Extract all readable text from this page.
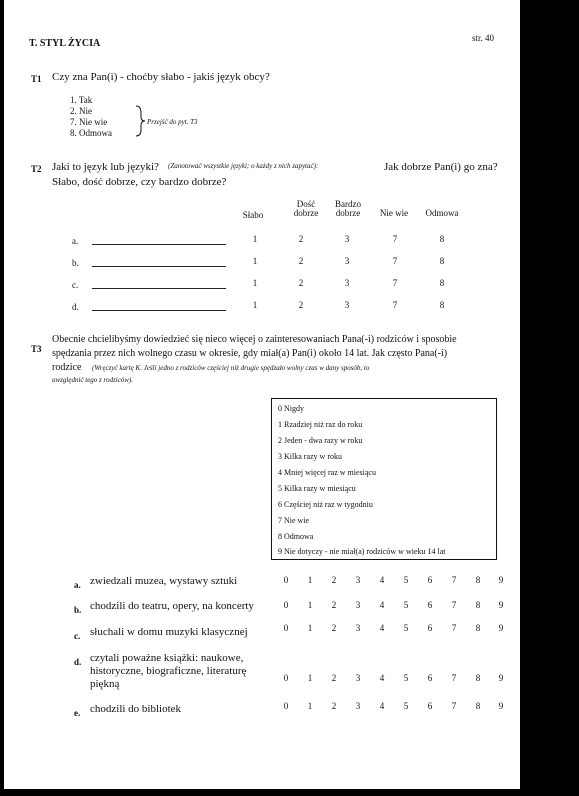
T. STYL ŻYCIA	str. 40
T1 Czy zna Pan(i) - choćby słabo - jakiś język obcy?
1. Tak
2. Nie
7. Nie wie
8. Odmowa
Przejść do pyt. T3
T2 Jaki to język lub języki? (Zanotować wszystkie języki; o każdy z nich zapytać):	Jak dobrze Pan(i) go zna?
Słabo, dość dobrze, czy bardzo dobrze?
Słabo
Dość dobrze
Bardzo dobrze	Nie wie	Odmowa
a.	1	2	3	7	8
b.	1	2	3	7	8
c.	1	2	3	7	8
d.	1	2	3	7	8
T3
Obecnie chcielibyśmy dowiedzieć się nieco więcej o zainteresowaniach Pana(-i) rodziców i sposobie
spędzania przez nich wolnego czasu w okresie, gdy miał(a) Pan(i) około 14 lat. Jak często Pana(-i)
rodzice (Wręczyć kartę K. Jeśli jedno z rodziców częściej niż drugie spędzało wolny czas w dany sposób, to
uwzględnić tego z rodziców).
0 Nigdy
1 Rzadziej niż raz do roku
2 Jeden - dwa razy w roku
3 Kilka razy w roku
4 Mniej więcej raz w miesiącu
5 Kilka razy w miesiącu
6 Częściej niż raz w tygodniu
7 Nie wie
8 Odmowa
9 Nie dotyczy - nie miał(a) rodziców w wieku 14 lat
a. zwiedzali muzea, wystawy sztuki	0	1	2	3	4	5	6	7	8	9
b. chodzili do teatru, opery, na koncerty	0	1	2	3	4	5	6	7	8	9
c. słuchali w domu muzyki klasycznej	0	1	2	3	4	5	6	7	8	9
d. czytali poważne książki: naukowe,
historyczne, biograficzne, literaturę
piękną	0	1	2	3	4	5	6	7	8	9
e. chodzili do bibliotek	0	1	2	3	4	5	6	7	8	9
